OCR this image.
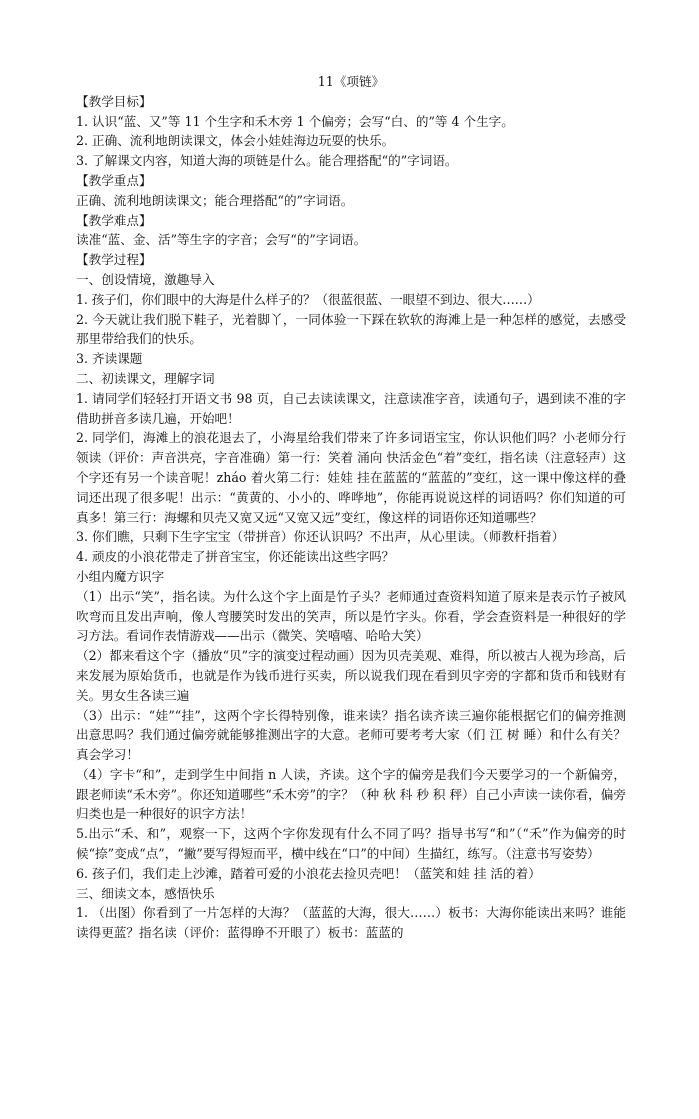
11《项链》
【教学目标】
1. 认识“蓝、又”等 11 个生字和禾木旁 1 个偏旁；会写“白、的”等 4 个生字。
2. 正确、流利地朗读课文，体会小娃娃海边玩耍的快乐。
3. 了解课文内容，知道大海的项链是什么。能合理搭配“的”字词语。
【教学重点】
正确、流利地朗读课文；能合理搭配“的”字词语。
【教学难点】
读准“蓝、金、活”等生字的字音；会写“的”字词语。
【教学过程】
一、创设情境，激趣导入
1. 孩子们，你们眼中的大海是什么样子的？（很蓝很蓝、一眼望不到边、很大……）
2. 今天就让我们脱下鞋子，光着脚丫，一同体验一下踩在软软的海滩上是一种怎样的感觉，去感受那里带给我们的快乐。
3. 齐读课题
二、初读课文，理解字词
1. 请同学们轻轻打开语文书 98 页，自己去读读课文，注意读准字音，读通句子，遇到读不准的字借助拼音多读几遍，开始吧！
2. 同学们，海滩上的浪花退去了，小海星给我们带来了许多词语宝宝，你认识他们吗？小老师分行领读（评价：声音洪亮，字音准确）第一行：笑着 涌向 快活金色“着”变红，指名读（注意轻声）这个字还有另一个读音呢！zháo 着火第二行：娃娃 挂在蓝蓝的“蓝蓝的”变红，这一课中像这样的叠词还出现了很多呢！出示：“黄黄的、小小的、哗哗地”，你能再说说这样的词语吗？你们知道的可真多！第三行：海螺和贝壳又宽又远“又宽又远”变红，像这样的词语你还知道哪些？
3. 你们瞧，只剩下生字宝宝（带拼音）你还认识吗？不出声，从心里读。（师教杆指着）
4. 顽皮的小浪花带走了拼音宝宝，你还能读出这些字吗？
小组内魔方识字
（1）出示“笑”，指名读。为什么这个字上面是竹子头？老师通过查资料知道了原来是表示竹子被风吹弯而且发出声响，像人弯腰笑时发出的笑声，所以是竹字头。你看，学会查资料是一种很好的学习方法。看词作表情游戏——出示（微笑、笑嘻嘻、哈哈大笑）
（2）都来看这个字（播放“贝”字的演变过程动画）因为贝壳美观、难得，所以被古人视为珍高，后来发展为原始货币，也就是作为钱币进行买卖，所以说我们现在看到贝字旁的字都和货币和钱财有关。男女生各读三遍
（3）出示：“娃”“挂”，这两个字长得特别像，谁来读？指名读齐读三遍你能根据它们的偏旁推测出意思吗？我们通过偏旁就能够推测出字的大意。老师可要考考大家（们 江 树 睡）和什么有关？真会学习！
（4）字卡“和”，走到学生中间指 n 人读，齐读。这个字的偏旁是我们今天要学习的一个新偏旁，跟老师读“禾木旁”。你还知道哪些“禾木旁”的字？（种 秋 科 秒 积 秤）自己小声读一读你看，偏旁归类也是一种很好的识字方法！
5.出示“禾、和”，观察一下，这两个字你发现有什么不同了吗？指导书写“和”（“禾”作为偏旁的时候“捺”变成“点”，“撇”要写得短而平，横中线在“口”的中间）生描红，练写。（注意书写姿势）
6. 孩子们，我们走上沙滩，踏着可爱的小浪花去捡贝壳吧！（蓝笑和娃 挂 活的着）
三、细读文本，感悟快乐
1. （出图）你看到了一片怎样的大海？（蓝蓝的大海，很大……）板书：大海你能读出来吗？谁能读得更蓝？指名读（评价：蓝得睁不开眼了）板书：蓝蓝的
